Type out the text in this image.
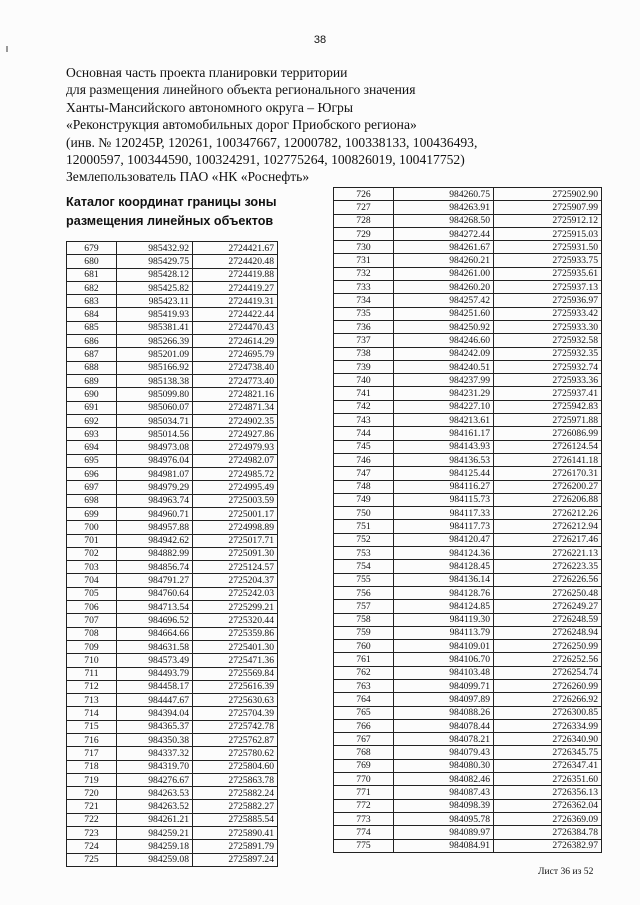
38
Основная часть проекта планировки территории
для размещения линейного объекта регионального значения
Ханты-Мансийского автономного округа – Югры
«Реконструкция автомобильных дорог Приобского региона»
(инв. № 120245Р, 120261, 100347667, 12000782, 100338133, 100436493,
12000597, 100344590, 100324291, 102775264, 100826019, 100417752)
Землепользователь ПАО «НК «Роснефть»
Каталог координат границы зоны
размещения линейных объектов
679	985432.92	2724421.67
680	985429.75	2724420.48
681	985428.12	2724419.88
682	985425.82	2724419.27
683	985423.11	2724419.31
684	985419.93	2724422.44
685	985381.41	2724470.43
686	985266.39	2724614.29
687	985201.09	2724695.79
688	985166.92	2724738.40
689	985138.38	2724773.40
690	985099.80	2724821.16
691	985060.07	2724871.34
692	985034.71	2724902.35
693	985014.56	2724927.86
694	984973.08	2724979.93
695	984976.04	2724982.07
696	984981.07	2724985.72
697	984979.29	2724995.49
698	984963.74	2725003.59
699	984960.71	2725001.17
700	984957.88	2724998.89
701	984942.62	2725017.71
702	984882.99	2725091.30
703	984856.74	2725124.57
704	984791.27	2725204.37
705	984760.64	2725242.03
706	984713.54	2725299.21
707	984696.52	2725320.44
708	984664.66	2725359.86
709	984631.58	2725401.30
710	984573.49	2725471.36
711	984493.79	2725569.84
712	984458.17	2725616.39
713	984447.67	2725630.63
714	984394.04	2725704.39
715	984365.37	2725742.78
716	984350.38	2725762.87
717	984337.32	2725780.62
718	984319.70	2725804.60
719	984276.67	2725863.78
720	984263.53	2725882.24
721	984263.52	2725882.27
722	984261.21	2725885.54
723	984259.21	2725890.41
724	984259.18	2725891.79
725	984259.08	2725897.24
726	984260.75	2725902.90
727	984263.91	2725907.99
728	984268.50	2725912.12
729	984272.44	2725915.03
730	984261.67	2725931.50
731	984260.21	2725933.75
732	984261.00	2725935.61
733	984260.20	2725937.13
734	984257.42	2725936.97
735	984251.60	2725933.42
736	984250.92	2725933.30
737	984246.60	2725932.58
738	984242.09	2725932.35
739	984240.51	2725932.74
740	984237.99	2725933.36
741	984231.29	2725937.41
742	984227.10	2725942.83
743	984213.61	2725971.88
744	984161.17	2726086.99
745	984143.93	2726124.54
746	984136.53	2726141.18
747	984125.44	2726170.31
748	984116.27	2726200.27
749	984115.73	2726206.88
750	984117.33	2726212.26
751	984117.73	2726212.94
752	984120.47	2726217.46
753	984124.36	2726221.13
754	984128.45	2726223.35
755	984136.14	2726226.56
756	984128.76	2726250.48
757	984124.85	2726249.27
758	984119.30	2726248.59
759	984113.79	2726248.94
760	984109.01	2726250.99
761	984106.70	2726252.56
762	984103.48	2726254.74
763	984099.71	2726260.99
764	984097.89	2726266.92
765	984088.26	2726300.85
766	984078.44	2726334.99
767	984078.21	2726340.90
768	984079.43	2726345.75
769	984080.30	2726347.41
770	984082.46	2726351.60
771	984087.43	2726356.13
772	984098.39	2726362.04
773	984095.78	2726369.09
774	984089.97	2726384.78
775	984084.91	2726382.97
Лист 36 из 52
